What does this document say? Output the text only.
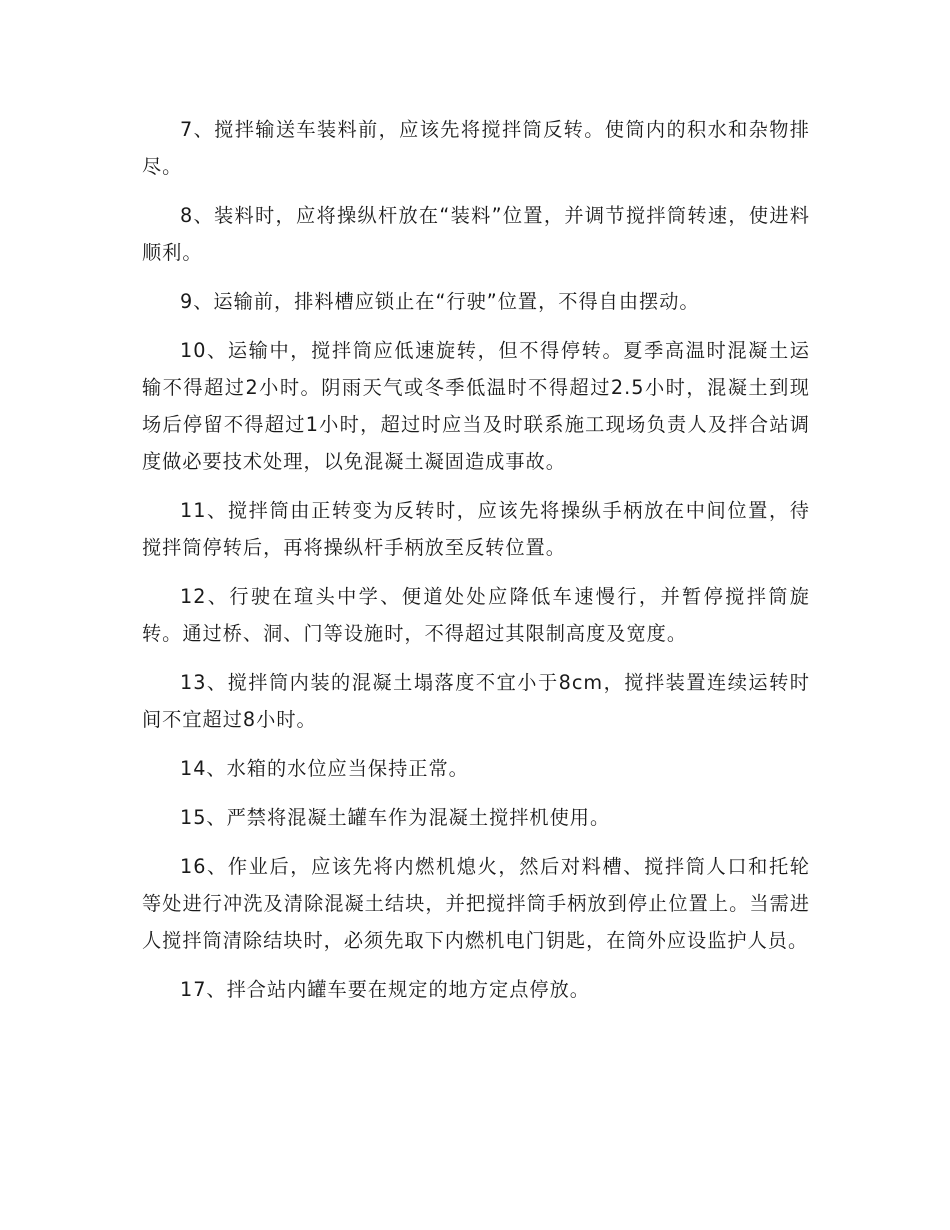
7、搅拌输送车装料前，应该先将搅拌筒反转。使筒内的积水和杂物排尽。

8、装料时，应将操纵杆放在“装料”位置，并调节搅拌筒转速，使进料顺利。

9、运输前，排料槽应锁止在“行驶”位置，不得自由摆动。

10、运输中，搅拌筒应低速旋转，但不得停转。夏季高温时混凝土运输不得超过2小时。阴雨天气或冬季低温时不得超过2.5小时，混凝土到现场后停留不得超过1小时，超过时应当及时联系施工现场负责人及拌合站调度做必要技术处理，以免混凝土凝固造成事故。

11、搅拌筒由正转变为反转时，应该先将操纵手柄放在中间位置，待搅拌筒停转后，再将操纵杆手柄放至反转位置。

12、行驶在瑄头中学、便道处处应降低车速慢行，并暂停搅拌筒旋转。通过桥、洞、门等设施时，不得超过其限制高度及宽度。

13、搅拌筒内装的混凝土塌落度不宜小于8cm，搅拌装置连续运转时间不宜超过8小时。

14、水箱的水位应当保持正常。

15、严禁将混凝土罐车作为混凝土搅拌机使用。

16、作业后，应该先将内燃机熄火，然后对料槽、搅拌筒人口和托轮等处进行冲洗及清除混凝土结块，并把搅拌筒手柄放到停止位置上。当需进人搅拌筒清除结块时，必须先取下内燃机电门钥匙，在筒外应设监护人员。

17、拌合站内罐车要在规定的地方定点停放。
